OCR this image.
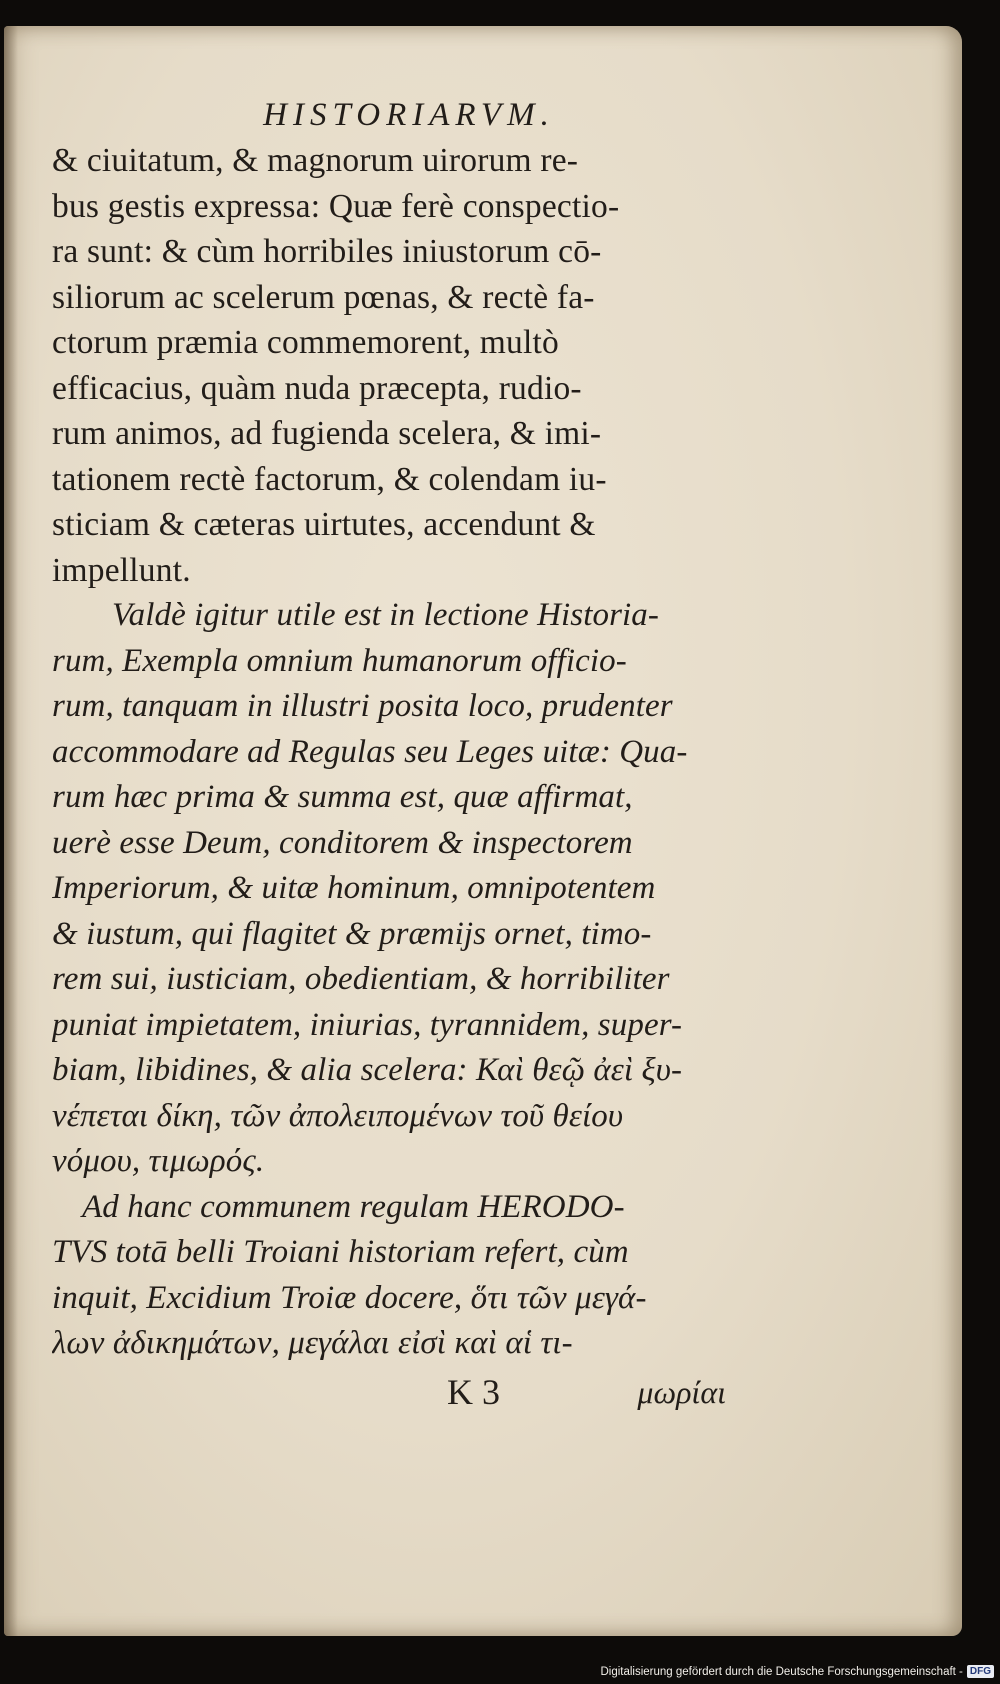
HISTORIARVM.
& ciuitatum, & magnorum uirorum re-
bus gestis expressa: Quæ ferè conspectio-
ra sunt: & cùm horribiles iniustorum cō-
siliorum ac scelerum pœnas, & rectè fa-
ctorum præmia commemorent, multò
efficacius, quàm nuda præcepta, rudio-
rum animos, ad fugienda scelera, & imi-
tationem rectè factorum, & colendam iu-
sticiam & cæteras uirtutes, accendunt &
impellunt.
Valdè igitur utile est in lectione Historia-
rum, Exempla omnium humanorum officio-
rum, tanquam in illustri posita loco, prudenter
accommodare ad Regulas seu Leges uitæ: Qua-
rum hæc prima & summa est, quæ affirmat,
uerè esse Deum, conditorem & inspectorem
Imperiorum, & uitæ hominum, omnipotentem
& iustum, qui flagitet & præmijs ornet, timo-
rem sui, iusticiam, obedientiam, & horribiliter
puniat impietatem, iniurias, tyrannidem, super-
biam, libidines, & alia scelera: Καὶ θεῷ ἀεὶ ξυ-
νέπεται δίκη, τῶν ἀπολειπομένων τοῦ θείου
νόμου, τιμωρός.
Ad hanc communem regulam HERODO-
TVS totā belli Troiani historiam refert, cùm
inquit, Excidium Troiæ docere, ὅτι τῶν μεγά-
λων ἀδικημάτων, μεγάλαι εἰσὶ καὶ αἱ τι-
K 3	μωρίαι
Digitalisierung gefördert durch die Deutsche Forschungsgemeinschaft - DFG
